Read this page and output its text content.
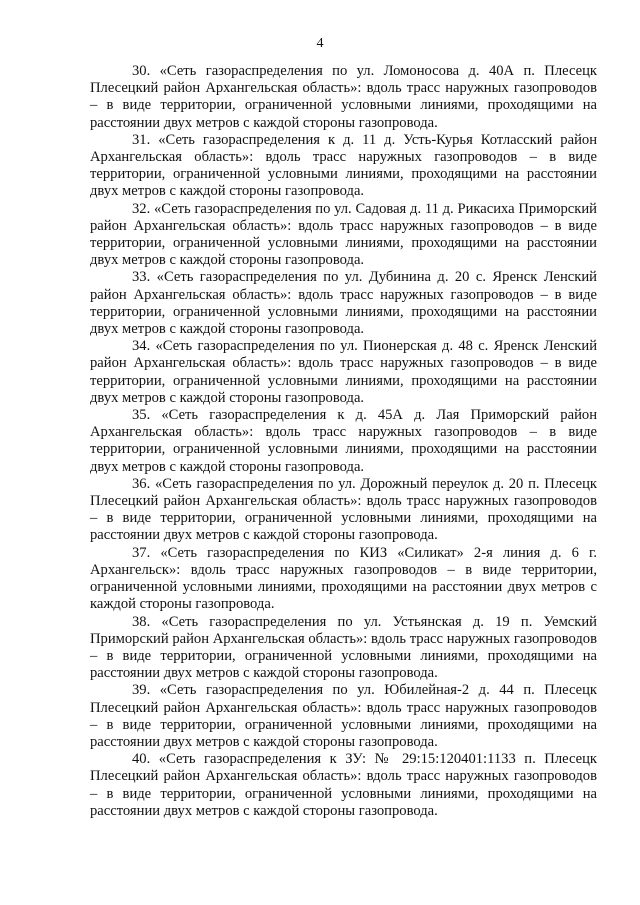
4

30. «Сеть газораспределения по ул. Ломоносова д. 40А п. Плесецк Плесецкий район Архангельская область»: вдоль трасс наружных газопроводов – в виде территории, ограниченной условными линиями, проходящими на расстоянии двух метров с каждой стороны газопровода.

31. «Сеть газораспределения к д. 11 д. Усть-Курья Котласский район Архангельская область»: вдоль трасс наружных газопроводов – в виде территории, ограниченной условными линиями, проходящими на расстоянии двух метров с каждой стороны газопровода.

32. «Сеть газораспределения по ул. Садовая д. 11 д. Рикасиха Приморский район Архангельская область»: вдоль трасс наружных газопроводов – в виде территории, ограниченной условными линиями, проходящими на расстоянии двух метров с каждой стороны газопровода.

33. «Сеть газораспределения по ул. Дубинина д. 20 с. Яренск Ленский район Архангельская область»: вдоль трасс наружных газопроводов – в виде территории, ограниченной условными линиями, проходящими на расстоянии двух метров с каждой стороны газопровода.

34. «Сеть газораспределения по ул. Пионерская д. 48 с. Яренск Ленский район Архангельская область»: вдоль трасс наружных газопроводов – в виде территории, ограниченной условными линиями, проходящими на расстоянии двух метров с каждой стороны газопровода.

35. «Сеть газораспределения к д. 45А д. Лая Приморский район Архангельская область»: вдоль трасс наружных газопроводов – в виде территории, ограниченной условными линиями, проходящими на расстоянии двух метров с каждой стороны газопровода.

36. «Сеть газораспределения по ул. Дорожный переулок д. 20 п. Плесецк Плесецкий район Архангельская область»: вдоль трасс наружных газопроводов – в виде территории, ограниченной условными линиями, проходящими на расстоянии двух метров с каждой стороны газопровода.

37. «Сеть газораспределения по КИЗ «Силикат» 2-я линия д. 6 г. Архангельск»: вдоль трасс наружных газопроводов – в виде территории, ограниченной условными линиями, проходящими на расстоянии двух метров с каждой стороны газопровода.

38. «Сеть газораспределения по ул. Устьянская д. 19 п. Уемский Приморский район Архангельская область»: вдоль трасс наружных газопроводов – в виде территории, ограниченной условными линиями, проходящими на расстоянии двух метров с каждой стороны газопровода.

39. «Сеть газораспределения по ул. Юбилейная-2 д. 44 п. Плесецк Плесецкий район Архангельская область»: вдоль трасс наружных газопроводов – в виде территории, ограниченной условными линиями, проходящими на расстоянии двух метров с каждой стороны газопровода.

40. «Сеть газораспределения к ЗУ: № 29:15:120401:1133 п. Плесецк Плесецкий район Архангельская область»: вдоль трасс наружных газопроводов – в виде территории, ограниченной условными линиями, проходящими на расстоянии двух метров с каждой стороны газопровода.
